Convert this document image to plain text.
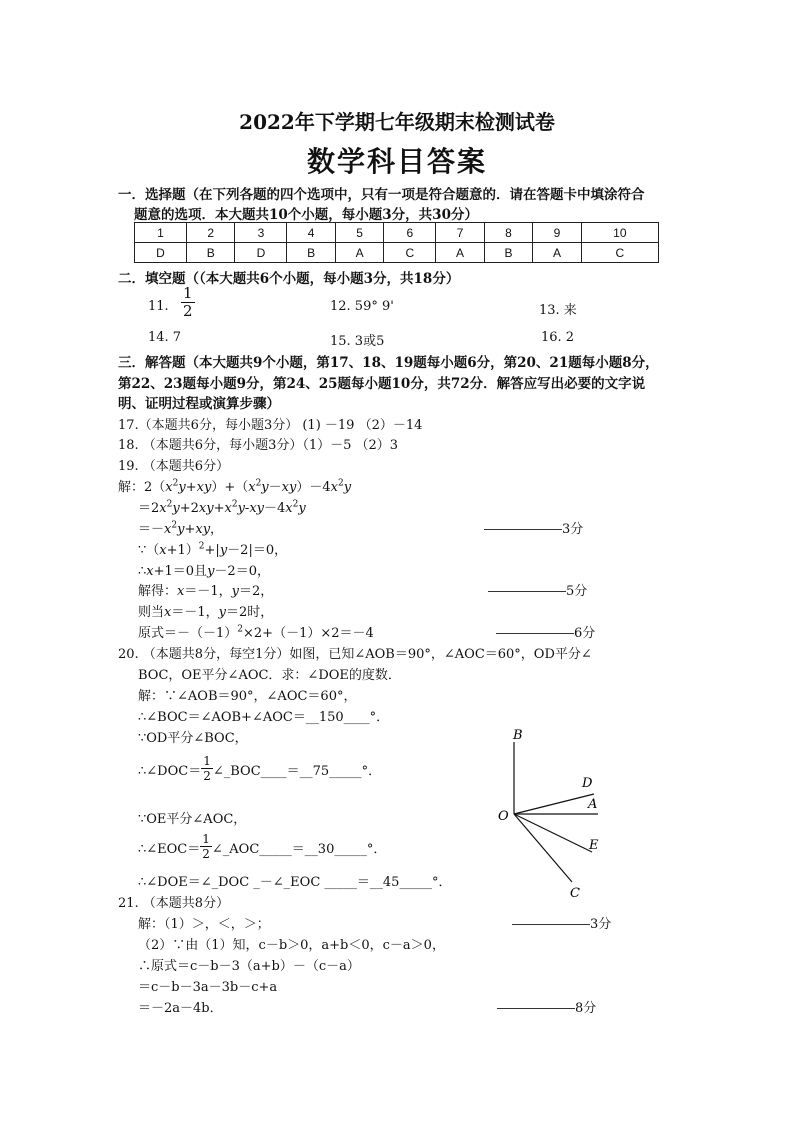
2022年下学期七年级期末检测试卷
数学科目答案
一．选择题（在下列各题的四个选项中，只有一项是符合题意的．请在答题卡中填涂符合
题意的选项．本大题共10个小题，每小题3分，共30分）
1	2	3	4	5	6	7	8	9	10
D	B	D	B	A	C	A	B	A	C
二．填空题（（本大题共6个小题，每小题3分，共18分）
11. $\frac{1}{2}$	12. 59° 9'	13. 来
14. 7	15. 3或5	16. 2
三．解答题（本大题共9个小题，第17、18、19题每小题6分，第20、21题每小题8分，
第22、23题每小题9分，第24、25题每小题10分，共72分．解答应写出必要的文字说
明、证明过程或演算步骤）
17.（本题共6分，每小题3分） (1) －19 （2）－14
18. （本题共6分，每小题3分）（1）－5 （2）3
19. （本题共6分）
解：$2(x^2y+xy)+(x^2y-xy)-4x^2y$
$=2x^2y+2xy+x^2y-xy-4x^2y$
$=-x^2y+xy$，	――――――3分
$\because(x+1)^2+|y-2|=0$，
∴x+1＝0且y－2＝0，
解得：x＝－1，y＝2，	――――――5分
则当x＝－1，y＝2时，
原式$=-(-1)^2\times 2+(-1)\times 2=-4$	――――――6分
20. （本题共8分，每空1分）如图，已知∠AOB＝90°，∠AOC＝60°，OD平分∠
BOC，OE平分∠AOC．求：∠DOE的度数．
解：∵∠AOB＝90°，∠AOC＝60°，
∴∠BOC＝∠AOB+∠AOC＝__150____°．
∵OD平分∠BOC，
∴∠DOC＝ $\frac{1}{2}$ ∠_BOC____＝__75_____°．
∵OE平分∠AOC，
∴∠EOC＝ $\frac{1}{2}$ ∠_AOC_____＝__30_____°．
∴∠DOE＝∠_DOC _－∠_EOC _____＝__45_____°．
B
D
A
O
E
C
21. （本题共8分）
解：（1）＞，＜，＞；	――――――3分
（2）∵由（1）知，c－b＞0，a+b＜0，c－a＞0，
∴原式＝c－b－3（a+b）－（c－a）
＝c－b－3a－3b－c+a
＝－2a－4b．	――――――8分
